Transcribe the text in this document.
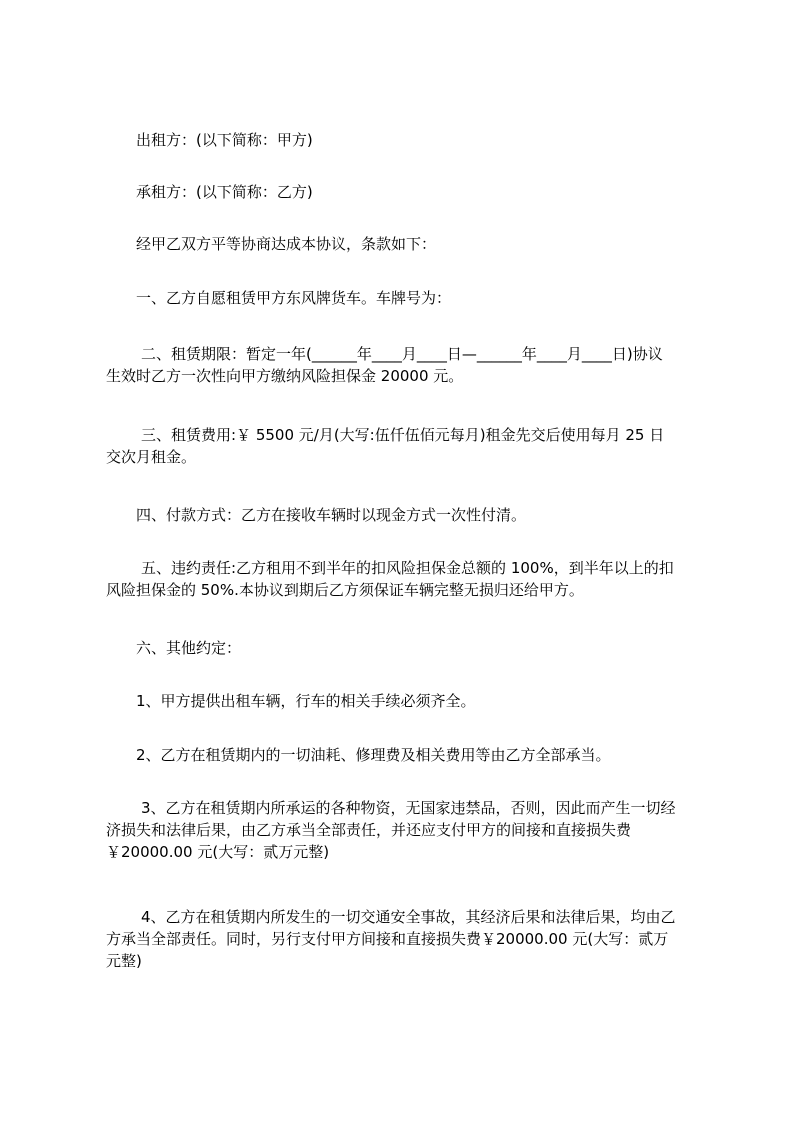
出租方：(以下简称：甲方)
承租方：(以下简称：乙方)
经甲乙双方平等协商达成本协议，条款如下：
一、乙方自愿租赁甲方东风牌货车。车牌号为：
二、租赁期限：暂定一年(______年____月____日—______年____月____日)协议
生效时乙方一次性向甲方缴纳风险担保金 20000 元。
三、租赁费用:￥ 5500 元/月(大写:伍仟伍佰元每月)租金先交后使用每月 25 日
交次月租金。
四、付款方式：乙方在接收车辆时以现金方式一次性付清。
五、违约责任:乙方租用不到半年的扣风险担保金总额的 100%，到半年以上的扣
风险担保金的 50%.本协议到期后乙方须保证车辆完整无损归还给甲方。
六、其他约定：
1、甲方提供出租车辆，行车的相关手续必须齐全。
2、乙方在租赁期内的一切油耗、修理费及相关费用等由乙方全部承当。
3、乙方在租赁期内所承运的各种物资，无国家违禁品，否则，因此而产生一切经
济损失和法律后果，由乙方承当全部责任，并还应支付甲方的间接和直接损失费
￥20000.00 元(大写：贰万元整)
4、乙方在租赁期内所发生的一切交通安全事故，其经济后果和法律后果，均由乙
方承当全部责任。同时，另行支付甲方间接和直接损失费￥20000.00 元(大写：贰万
元整)
